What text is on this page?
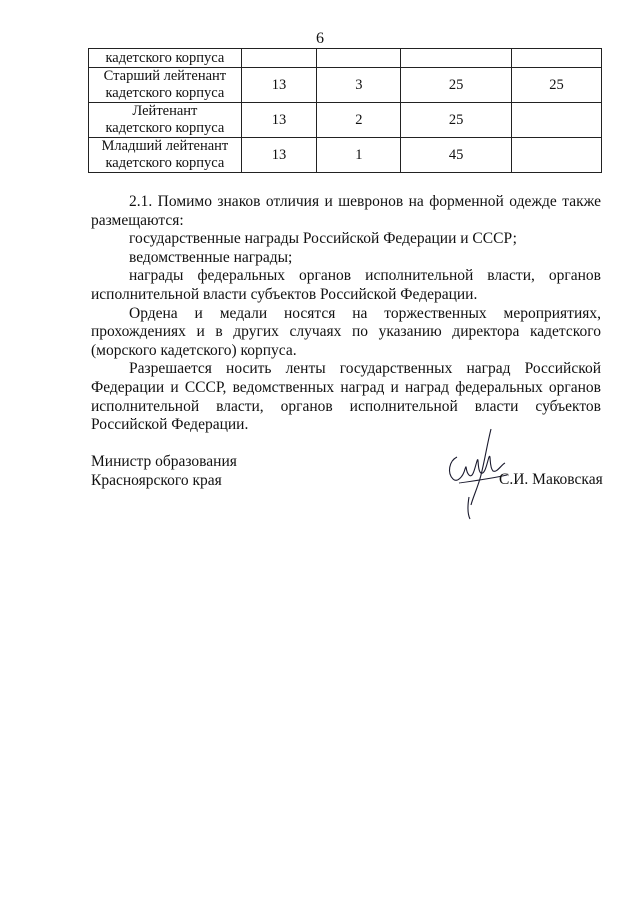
6
кадетского корпуса				

Старший лейтенант
кадетского корпуса	13	3	25	25

Лейтенант
кадетского корпуса	13	2	25	

Младший лейтенант
кадетского корпуса	13	1	45	

2.1. Помимо знаков отличия и шевронов на форменной одежде также размещаются:

государственные награды Российской Федерации и СССР;

ведомственные награды;

награды федеральных органов исполнительной власти, органов исполнительной власти субъектов Российской Федерации.

Ордена и медали носятся на торжественных мероприятиях, прохождениях и в других случаях по указанию директора кадетского (морского кадетского) корпуса.

Разрешается носить ленты государственных наград Российской Федерации и СССР, ведомственных наград и наград федеральных органов исполнительной власти, органов исполнительной власти субъектов Российской Федерации.

Министр образования
Красноярского края	С.И. Маковская
